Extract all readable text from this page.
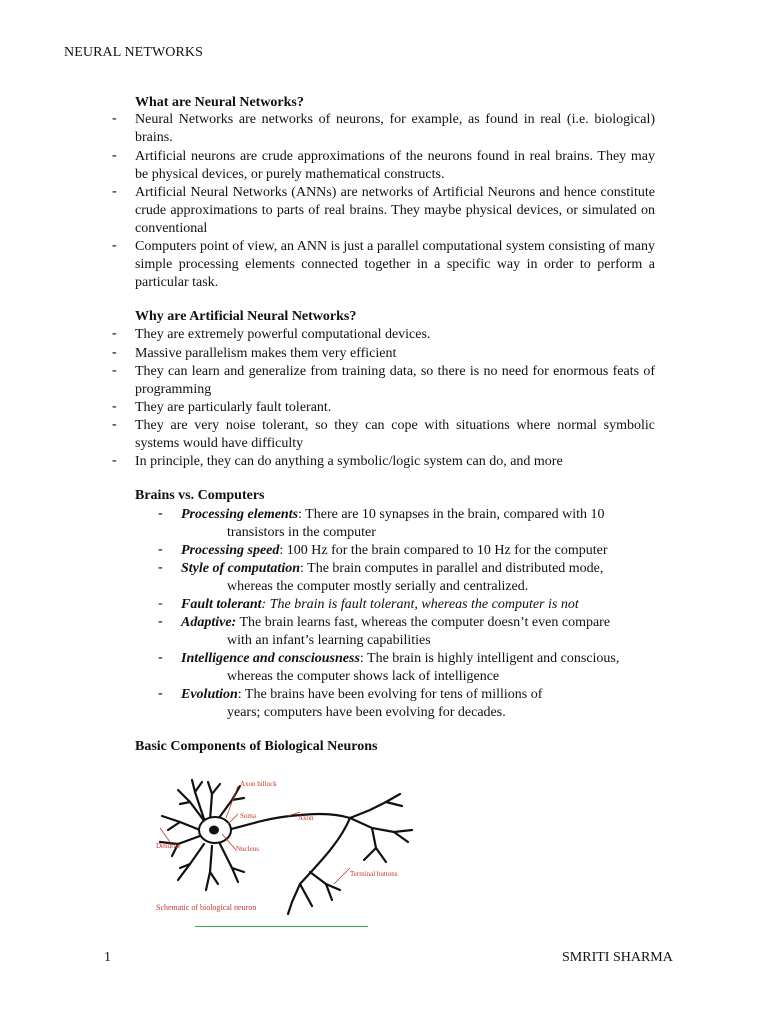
NEURAL NETWORKS
What are Neural Networks?
- Neural Networks are networks of neurons, for example, as found in real (i.e. biological) brains.
- Artificial neurons are crude approximations of the neurons found in real brains. They may be physical devices, or purely mathematical constructs.
- Artificial Neural Networks (ANNs) are networks of Artificial Neurons and hence constitute crude approximations to parts of real brains. They maybe physical devices, or simulated on conventional
- Computers point of view, an ANN is just a parallel computational system consisting of many simple processing elements connected together in a specific way in order to perform a particular task.
Why are Artificial Neural Networks?
- They are extremely powerful computational devices.
- Massive parallelism makes them very efficient
- They can learn and generalize from training data, so there is no need for enormous feats of programming
- They are particularly fault tolerant.
- They are very noise tolerant, so they can cope with situations where normal symbolic systems would have difficulty
- In principle, they can do anything a symbolic/logic system can do, and more
Brains vs. Computers
- Processing elements: There are 10 synapses in the brain, compared with 10
transistors in the computer
- Processing speed: 100 Hz for the brain compared to 10 Hz for the computer
- Style of computation: The brain computes in parallel and distributed mode,
whereas the computer mostly serially and centralized.
- Fault tolerant: The brain is fault tolerant, whereas the computer is not
- Adaptive: The brain learns fast, whereas the computer doesn’t even compare
with an infant’s learning capabilities
- Intelligence and consciousness: The brain is highly intelligent and conscious,
whereas the computer shows lack of intelligence
- Evolution: The brains have been evolving for tens of millions of
years; computers have been evolving for decades.
Basic Components of Biological Neurons
Axon hillock
Soma	Axon
Dendrite	Nucleus
Terminal buttons
Schematic of biological neuron
1	SMRITI SHARMA
